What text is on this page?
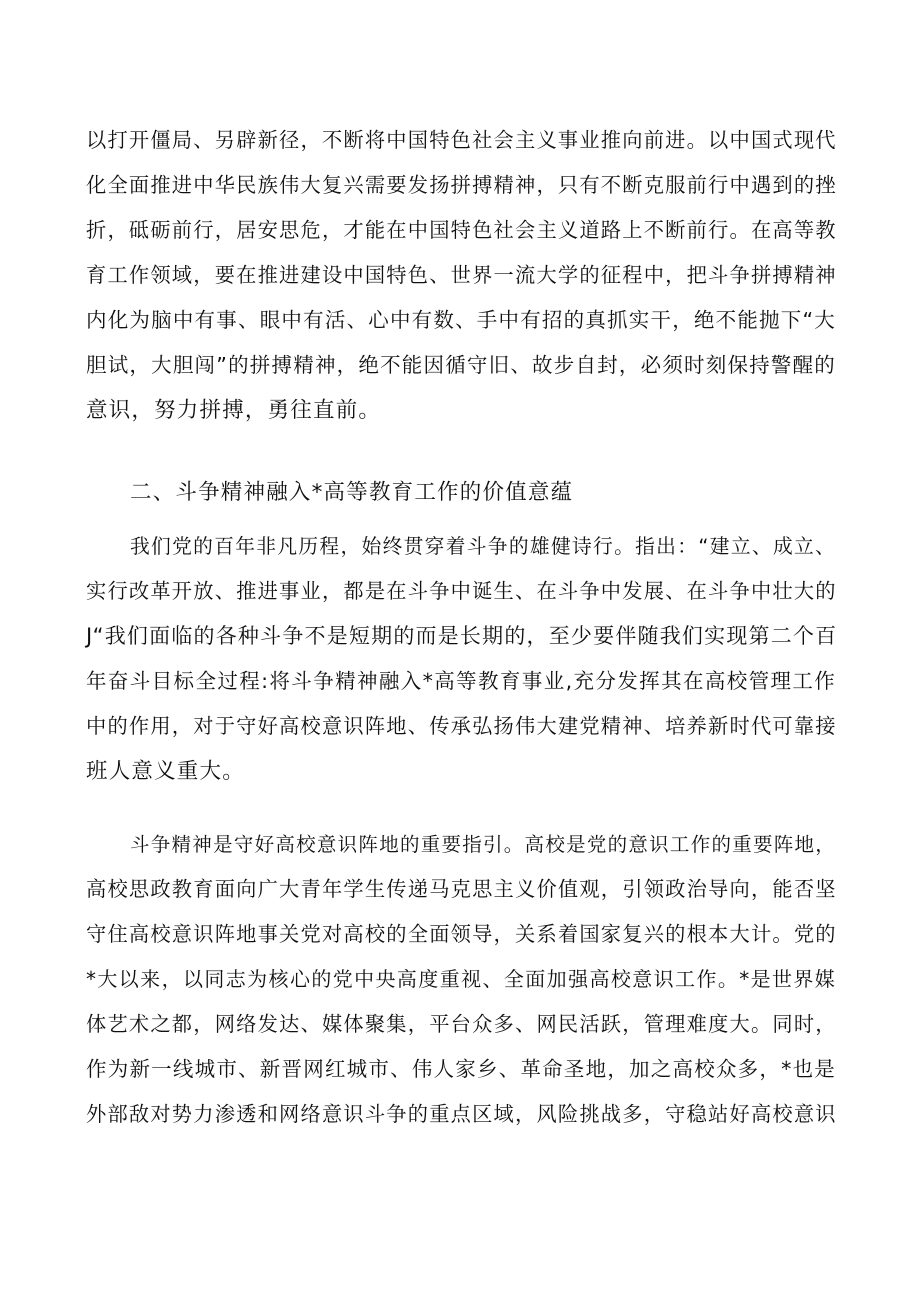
以打开僵局、另辟新径，不断将中国特色社会主义事业推向前进。以中国式现代
化全面推进中华民族伟大复兴需要发扬拼搏精神，只有不断克服前行中遇到的挫
折，砥砺前行，居安思危，才能在中国特色社会主义道路上不断前行。在高等教
育工作领域，要在推进建设中国特色、世界一流大学的征程中，把斗争拼搏精神
内化为脑中有事、眼中有活、心中有数、手中有招的真抓实干，绝不能抛下“大
胆试，大胆闯”的拼搏精神，绝不能因循守旧、故步自封，必须时刻保持警醒的
意识，努力拼搏，勇往直前。
二、斗争精神融入*高等教育工作的价值意蕴
我们党的百年非凡历程，始终贯穿着斗争的雄健诗行。指出：“建立、成立、
实行改革开放、推进事业，都是在斗争中诞生、在斗争中发展、在斗争中壮大的
J“我们面临的各种斗争不是短期的而是长期的，至少要伴随我们实现第二个百
年奋斗目标全过程:将斗争精神融入*高等教育事业,充分发挥其在高校管理工作
中的作用，对于守好高校意识阵地、传承弘扬伟大建党精神、培养新时代可靠接
班人意义重大。
斗争精神是守好高校意识阵地的重要指引。高校是党的意识工作的重要阵地，
高校思政教育面向广大青年学生传递马克思主义价值观，引领政治导向，能否坚
守住高校意识阵地事关党对高校的全面领导，关系着国家复兴的根本大计。党的
*大以来，以同志为核心的党中央高度重视、全面加强高校意识工作。*是世界媒
体艺术之都，网络发达、媒体聚集，平台众多、网民活跃，管理难度大。同时，
作为新一线城市、新晋网红城市、伟人家乡、革命圣地，加之高校众多，*也是
外部敌对势力渗透和网络意识斗争的重点区域，风险挑战多，守稳站好高校意识
